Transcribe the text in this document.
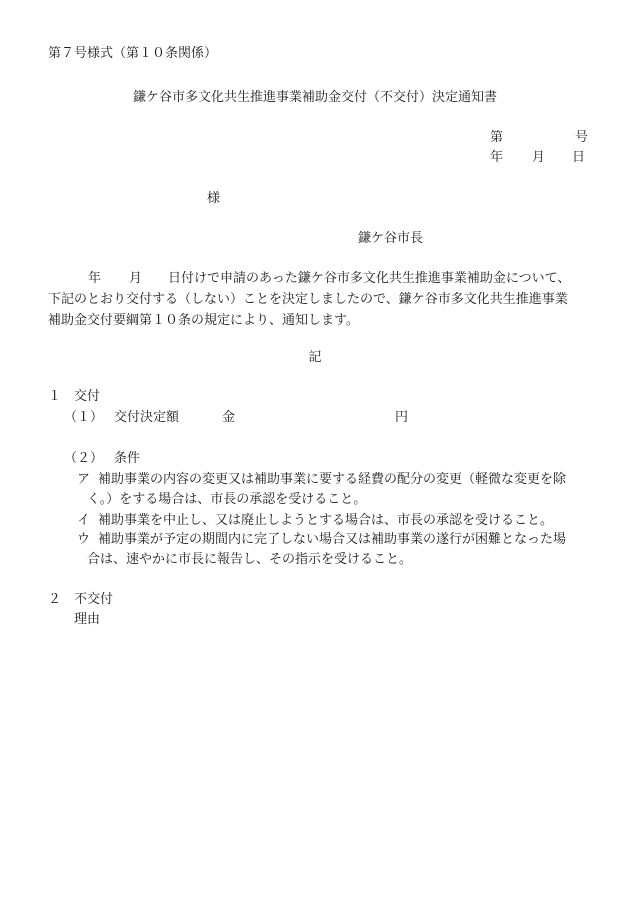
第７号様式（第１０条関係）
鎌ケ谷市多文化共生推進事業補助金交付（不交付）決定通知書
第	号
年 月 日
様
鎌ケ谷市長
年 月 日付けで申請のあった鎌ケ谷市多文化共生推進事業補助金について、
下記のとおり交付する（しない）ことを決定しましたので、鎌ケ谷市多文化共生推進事業
補助金交付要綱第１０条の規定により、通知します。
記
１ 交付
（１） 交付決定額	金	円
（２） 条件
ア 補助事業の内容の変更又は補助事業に要する経費の配分の変更（軽微な変更を除
く。）をする場合は、市長の承認を受けること。
イ 補助事業を中止し、又は廃止しようとする場合は、市長の承認を受けること。
ウ 補助事業が予定の期間内に完了しない場合又は補助事業の遂行が困難となった場
合は、速やかに市長に報告し、その指示を受けること。
２ 不交付
理由
